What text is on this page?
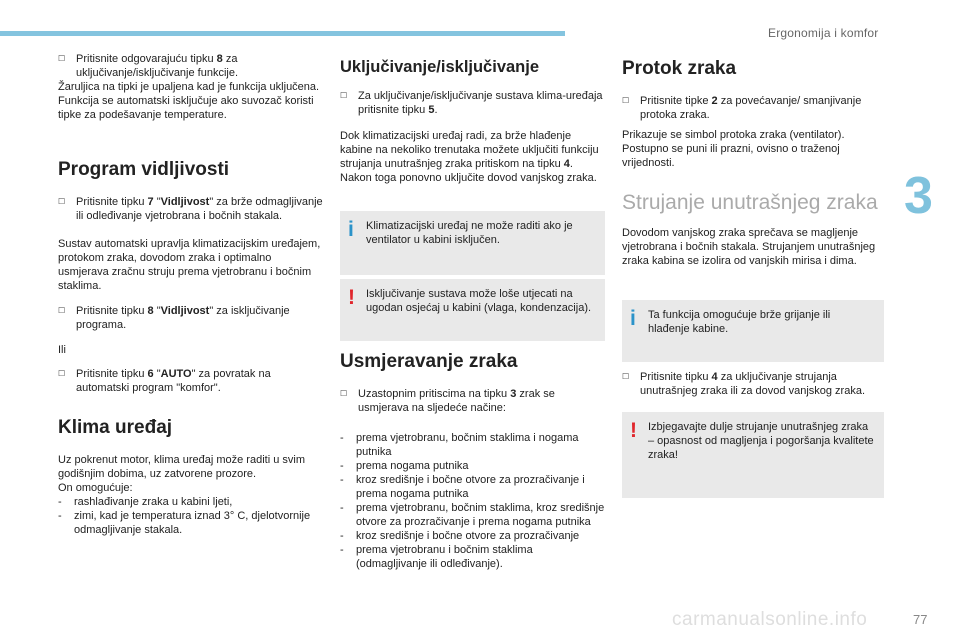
Ergonomija i komfor
3
☐ Pritisnite odgovarajuću tipku 8 za uključivanje/isključivanje funkcije.

Žaruljica na tipki je upaljena kad je funkcija uključena.

Funkcija se automatski isključuje ako suvozač koristi tipke za podešavanje temperature.

Program vidljivosti
☐ Pritisnite tipku 7 "Vidljivost" za brže odmagljivanje ili odleđivanje vjetrobrana i bočnih stakala.

Sustav automatski upravlja klimatizacijskim uređajem, protokom zraka, dovodom zraka i optimalno usmjerava zračnu struju prema vjetrobranu i bočnim staklima.

☐ Pritisnite tipku 8 "Vidljivost" za isključivanje programa.

Ili

☐ Pritisnite tipku 6 "AUTO" za povratak na automatski program "komfor".
Klima uređaj

Uz pokrenut motor, klima uređaj može raditi u svim godišnjim dobima, uz zatvorene prozore.

On omogućuje:

- rashlađivanje zraka u kabini ljeti,
- zimi, kad je temperatura iznad 3° C, djelotvornije odmagljivanje stakala.
Uključivanje/isključivanje
☐ Za uključivanje/isključivanje sustava klima-uređaja pritisnite tipku 5.

Dok klimatizacijski uređaj radi, za brže hlađenje kabine na nekoliko trenutaka možete uključiti funkciju strujanja unutrašnjeg zraka pritiskom na tipku 4. Nakon toga ponovno uključite dovod vanjskog zraka.

i Klimatizacijski uređaj ne može raditi ako je ventilator u kabini isključen.
! Isključivanje sustava može loše utjecati na ugodan osjećaj u kabini (vlaga, kondenzacija).
Usmjeravanje zraka
☐ Uzastopnim pritiscima na tipku 3 zrak se usmjerava na sljedeće načine:
- prema vjetrobranu, bočnim staklima i nogama putnika
- prema nogama putnika
- kroz središnje i bočne otvore za prozračivanje i prema nogama putnika
- prema vjetrobranu, bočnim staklima, kroz središnje otvore za prozračivanje i prema nogama putnika
- kroz središnje i bočne otvore za prozračivanje
- prema vjetrobranu i bočnim staklima (odmagljivanje ili odleđivanje).
Protok zraka
☐ Pritisnite tipke 2 za povećavanje/ smanjivanje protoka zraka.

Prikazuje se simbol protoka zraka (ventilator). Postupno se puni ili prazni, ovisno o traženoj vrijednosti.

Strujanje unutrašnjeg zraka

Dovodom vanjskog zraka sprečava se magljenje vjetrobrana i bočnih stakala. Strujanjem unutrašnjeg zraka kabina se izolira od vanjskih mirisa i dima.

i Ta funkcija omogućuje brže grijanje ili hlađenje kabine.
☐ Pritisnite tipku 4 za uključivanje strujanja unutrašnjeg zraka ili za dovod vanjskog zraka.
! Izbjegavajte dulje strujanje unutrašnjeg zraka – opasnost od magljenja i pogoršanja kvalitete zraka!
carmanualsonline.info	77
